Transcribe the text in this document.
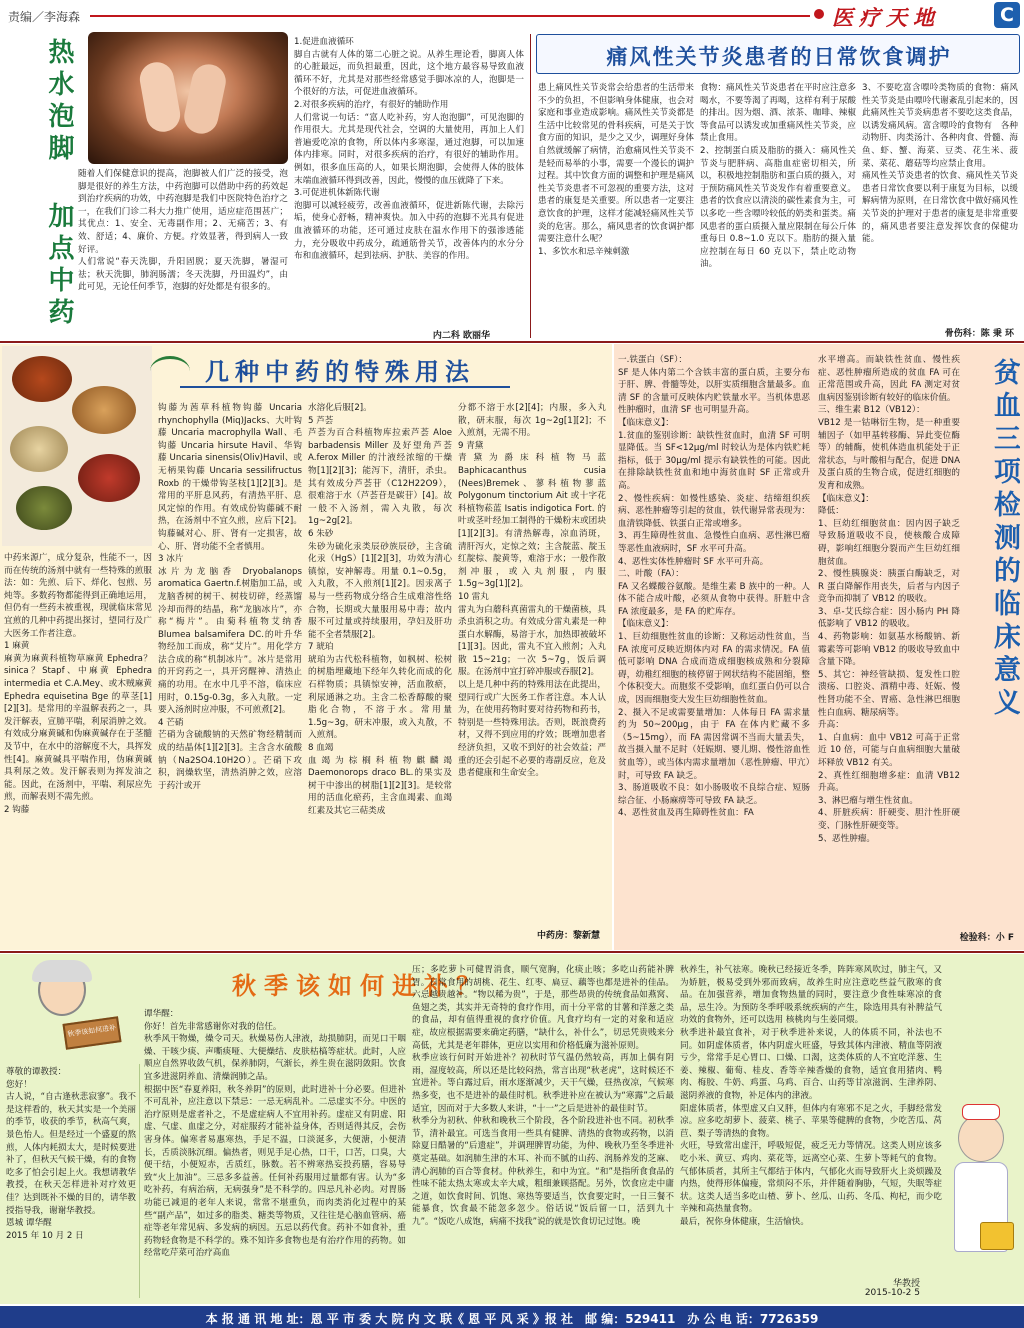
责编／李海森	医疗天地	C
热水泡脚 加点中药 随着人们保健意识的提高，泡脚被人们广泛的接受，泡脚是很好的养生方法，中药泡脚可以借助中药的药效起到治疗疾病的功效，中药泡脚是我们中医院特色治疗之一，在我们门诊二科大力推广使用，适应症范围甚广；其优点：1、安全、无毒副作用；2、无痛苦；3、有效、舒适；4、廉价、方便。疗效显著，得到病人一致好评。
人们常说“春天洗脚，升阳固脱；夏天洗脚，暑湿可祛；秋天洗脚，肺润肠濡；冬天洗脚，丹田温灼”，由此可见，无论任何季节，泡脚的好处都是有很多的。
1.促进血液循环
脚自古就有人体的第二心脏之说。从养生理论看，脚离人体的心脏最远，而负担最重，因此，这个地方最容易导致血液循环不好，尤其是对那些经常感觉手脚冰凉的人，泡脚是一个很好的方法，可促进血液循环。
2.对很多疾病的治疗，有很好的辅助作用
人们常说一句话：“富人吃补药，穷人泡泡脚”，可见泡脚的作用很大。尤其是现代社会，空调的大量使用，再加上人们普遍爱吃凉的食物，所以体内多寒湿，通过泡脚，可以加速体内排寒。同时，对很多疾病的治疗，有很好的辅助作用。例如，很多血压高的人，如果长期泡脚，会使得人体的肢体末端血液循环得到改善，因此，慢慢的血压就降了下来。
3.可促进机体新陈代谢
泡脚可以减轻疲劳，改善血液循环，促进新陈代谢，去除污垢，使身心舒畅，精神爽快。加入中药的泡脚不光具有促进血液循环的功能，还可通过皮肤在温水作用下的强渗透能力，充分吸收中药成分，疏通筋骨关节，改善体内的水分分布和血液循环，起到祛病、护肤、美容的作用。
内二科 欧丽华
痛风性关节炎患者的日常饮食调护
患上痛风性关节炎常会给患者的生活带来不少的负担，不但影响身体健康，也会对家庭和事业造成影响。痛风性关节炎都是生活中比较常见的骨科疾病，可是关于饮食方面的知识，是少之又少，调理好身体自然就缓解了病情，治愈痛风性关节炎不是轻而易举的小事，需要一个漫长的调护过程。其中饮食方面的调整和护理是痛风性关节炎患者不可忽视的重要方法，这对患者的康复是关重要。所以患者一定要注意饮食的护理，这样才能减轻痛风性关节炎的危害。那么，痛风患者的饮食调护都需要注意什么呢？
1、多饮水和忌辛辣刺激
食物：痛风性关节炎患者在平时应注意多喝水，不要等渴了再喝，这样有利于尿酸的排出。因为烟、酒、浓茶、咖啡、辣椒等食品可以诱发或加重痛风性关节炎，应禁止食用。
2、控制蛋白质及脂肪的摄入：痛风性关节炎与肥胖病、高脂血症密切相关，所以，积极地控制脂肪和蛋白质的摄入，对于预防痛风性关节炎发作有着重要意义。患者的饮食应以清淡的碳性素食为主，可以多吃一些含嘌呤较低的奶类和蛋类。痛风患者的蛋白质摄入量应限制在每公斤体重每日 0.8~1.0 克以下。脂肪的摄入量应控制在每日 60 克以下，禁止吃动物油。
3、不要吃富含嘌呤类物质的食物：痛风性关节炎是由嘌呤代谢紊乱引起来的，因此痛风性关节炎病患者不要吃这类食品，以诱发痛风病。富含嘌呤的食物有　各种动物肝、肉类汤汁、各种肉食、骨髓、海鱼、虾、蟹、海菜、豆类、花生米、菠菜、菜花、蘑菇等均应禁止食用。
痛风性关节炎患者的饮食、痛风性关节炎患者日常饮食要以利于康复为目标，以缓解病情为原则，在日常饮食中做好痛风性关节炎的护理对于患者的康复是非常重要的，痛风患者要注意发挥饮食的保健功能。
骨伤科：陈 秉 环
几种中药的特殊用法
中药来源广，成分复杂，性能不一，因而在传统的汤剂中就有一些特殊的煎服法：如：先煎、后下、烊化、包煎、另炖等。多数药物都能得到正确地运用，但仍有一些药未被重视，现就临床常见宜煎的几种中药提出探讨，望同行及广大医务工作者注意。
1 麻黄
麻黄为麻黄科植物草麻黄 Ephedra？sinica？Stapf、中麻黄 Ephedra intermedia et C.A.Mey、或木贼麻黄 Ephedra equisetina Bge 的草茎[1][2][3]。是常用的辛温解表药之一，具发汗解表，宣肺平喘，利尿消肿之效。有效成分麻黄碱和伪麻黄碱存在于茎髓及节中，在水中的溶解度不大，具挥发性[4]。麻黄碱具平喘作用，伪麻黄碱具利尿之效。发汗解表则为挥发油之能。因此，在汤剂中，平喘、利尿应先煎，而解表则不需先煎。
2 钩藤
钩藤为茜草科植物钩藤 Uncaria rhynchophylla (Miq)Jacks、大叶钩藤 Uncaria macrophylla Wall、毛钩藤 Uncaria hirsute Havil、华钩藤 Uncaria sinensis(Oliv)Havil、或无柄果钩藤 Uncaria sessilifructus Roxb 的干燥带钩茎枝[1][2][3]。是常用的平肝息风药，有清热平肝、息风定惊的作用。有效成份钩藤碱不耐热，在汤剂中不宜久煎，应后下[2]。钩藤碱对心、肝、肾有一定损害，故心、肝、肾功能不全者慎用。
3 冰片
冰片为龙脑香 Dryobalanops aromatica Gaertn.f.树脂加工品，或龙脑香树的树干、树枝切碎，经蒸馏冷却而得的结晶，称“龙脑冰片”，亦称“梅片”。由菊科植物艾纳香 Blumea balsamifera DC.的叶升华物经加工而成，称“艾片”。用化学方法合成的称“机制冰片”。冰片是常用的开窍药之一，具开窍醒神、清热止痛的功用。在水中几乎不溶，临床应用时，0.15g-0.3g，多入丸散。一定要入汤剂时应冲服，不可煎煮[2]。
4 芒硝
芒硝为含硫酸钠的天然矿物经精制而成的结晶体[1][2][3]。主含含水硫酸钠（Na2SO4.10H2O）。芒硝下攻积，润燥软坚，清热消肿之效，应溶于药汁或开
水溶化后服[2]。
5 芦荟
芦荟为百合科植物库拉索芦荟 Aloe barbadensis Miller 及好望角芦荟 A.ferox Miller 的汁液经浓缩的干燥物[1][2][3]；能泻下，清肝，杀虫。其有效成分芦荟苷（C12H22O9），很难溶于水（芦荟苷是碳苷）[4]。故一般不入汤剂，需入丸散，每次 1g~2g[2]。
6 朱砂
朱砂为硫化汞类辰砂族辰砂，主含硫化汞（HgS）[1][2][3]，功效为清心镇惊，安神解毒。用量 0.1~0.5g，入丸散，不入煎剂[1][2]。因汞离子易与一些药物成分络合生成难溶性络合物，长期或大量服用易中毒；故内服不可过量或持续服用，孕妇及肝功能不全者禁服[2]。
7 琥珀
琥珀为古代松科植物，如枫树、松树的树脂埋藏地下经年久转化而成的化石样物质；具镇惊安神，活血散瘀，利尿通淋之功。主含二松香醇酸的聚脂化合物，不溶于水。常用量 1.5g~3g，研末冲服，或入丸散，不入煎剂。
8 血竭
血竭为棕榈科植物麒麟竭 Daemonorops draco BL.的果实及树干中渗出的树脂[1][2][3]。是较常用的活血化瘀药，主含血竭素、血竭红素及其它三萜类成
分都不溶于水[2][4]；内服，多入丸散，研末服，每次 1g~2g[1][2]；不入煎剂，无需不用。
9 青黛
青黛为爵床科植物马蓝 Baphicacanthus cusia (Nees)Bremek、蓼科植物蓼蓝 Polygonum tinctorium Ait 或十字花科植物菘蓝 Isatis indigotica Fort. 的叶或茎叶经加工制得的干燥粉末或团块[1][2][3]。有清热解毒，凉血消斑，清肝泻火，定惊之效；主含靛蓝、靛玉红靛棕、靛黄等，难溶于水；一般作散剂冲服，或入丸剂服，内服 1.5g~3g[1][2]。
10 雷丸
雷丸为白蘑科真菌雷丸的干燥菌核，具杀虫消积之功。有效成分雷丸素是一种蛋白水解酶，易溶于水，加热即被破坏[1][3]。因此，雷丸不宜入煎剂；入丸散 15~21g；一次 5~7g，饭后调服。在汤剂中宜打碎冲服或吞服[2]。
以上是几种中药的特殊用法在此提出，望同行或广大医务工作者注意。本人认为，在使用药物时要对待药物和药书，特别是一些特殊用法。否则，既浪费药材，又得不到应用的疗效；既增加患者经济负担，又收不到好的社会效益；严重的还会引起不必要的毒副反应，危及患者健康和生命安全。
中药房：黎新慧
一.铁蛋白（SF）：
SF 是人体内第二个含铁丰富的蛋白质，主要分布于肝、脾、骨髓等处，以肝实质细胞含量最多。血清 SF 的含量可反映体内贮铁量水平。当机体患恶性肿瘤时，血清 SF 也可明显升高。
【临床意义】：
1.贫血的鉴别诊断：缺铁性贫血时，血清 SF 可明显降低。当 SF<12μg/ml 时较认为是体内铁贮耗指标，低于 30μg/ml 提示有缺铁性的可能。因此在排除缺铁性贫血和地中海贫血时 SF 正常或升高。
2、慢性疾病：如慢性感染、炎症、结缔组织疾病、恶性肿瘤等引起的贫血，铁代谢异常表现为：血清铁降低、铁蛋白正常或增多。
3、再生障碍性贫血、急慢性白血病、恶性淋巴瘤等恶性血液病时，SF 水平可升高。
4、恶性实体性肿瘤时 SF 水平可升高。
二、叶酸（FA）：
FA 又名蝶酸谷氨酸。是维生素 B 族中的一种。人体不能合成叶酸，必须从食物中获得。肝脏中含 FA 浓度最多，是 FA 的贮库存。
【临床意义】：
1、巨幼细胞性贫血的诊断：又称运动性贫血，当 FA 浓度可反映近期体内对 FA 的需求情况。FA 值低可影响 DNA 合成而造成细胞核成熟和分裂障碍，幼稚红细胞的核停留于网状结构不能固缩，整个体积变大。而胞浆不受影响，血红蛋白仍可以合成，因而细胞变大发生巨幼细胞性贫血。
2、摄入不足或需要量增加：人体每日 FA 需求量约为 50~200μg，由于 FA 在体内贮藏不多（5~15mg），而 FA 需因常调不当而大量丢失，故当摄入量不足时（妊娠期、婴儿期、慢性溶血性贫血等），或当体内需求量增加（恶性肿瘤、甲亢）时，可导致 FA 缺乏。
3、肠道吸收不良：如小肠吸收不良综合症、短肠综合征、小肠麻痹等可导致 FA 缺乏。
4、恶性贫血及再生障碍性贫血：FA
水平增高。而缺铁性贫血、慢性疾症、恶性肿瘤所造成的贫血 FA 可在正常范围或升高，因此 FA 测定对贫血病因鉴别诊断有较好的临床价值。
三、维生素 B12（VB12）：
VB12 是一钴啉衍生物，是一种重要辅因子（如甲基转移酶、异此变位酶等）的辅酶，使机体造血机能处于正常状态，与叶酸相与配合，促进 DNA 及蛋白质的生物合成，促进红细胞的发育和成熟。
【临床意义】：
降低：
1、巨幼红细胞贫血：因内因子缺乏导致肠道吸收不良，使核酸合成障碍，影响红细胞分裂而产生巨幼红细胞贫血。
2、慢性胰腺炎：胰蛋白酶缺乏，对 R 蛋白降解作用丧失，后者与内因子竞争而抑制了 VB12 的吸收。
3、卓-艾氏综合症：因小肠内 PH 降低影响了 VB12 的吸收。
4、药物影响：如氨基水杨酸钠、新霉素等可影响 VB12 的吸收导致血中含量下降。
5、其它：神经管缺损、复发性口腔溃疡、口腔炎、酒精中毒、妊娠、慢性肾功能不全、胃癌、急性淋巴细胞性白血病、糖尿病等。
升高：
1、白血病：血中 VB12 可高于正常近 10 倍，可能与白血病细胞大量破坏释放 VB12 有关。
2、真性红细胞增多症：血清 VB12 升高。
3、淋巴瘤与增生性贫血。
4、肝脏疾病：肝硬变、胆汁性肝硬变、门脉性肝硬变等。
5、恶性肿瘤。
贫血三项检测的临床意义
检验科：小 F
秋季该如何进补？
秋季该如何进补
尊敬的谭教授：
您好！
古人说，“自古逢秋悲寂寥”。我不是这样看的，秋天其实是一个美丽的季节，收获的季节，秋高气爽，景色怡人。但是经过一个盛夏的熬煎，人体内耗损太大，是时候要进补了，但秋天气候干燥，有的食物吃多了怕会引起上火。我想请教华教授，在秋天怎样进补对疗效更佳？达到既补不燥的目的，请华教授指导我，谢谢华教授。
恩城 谭华醒
2015 年 10 月 2 日
谭华醒：
你好！首先非常感谢你对我的信任。
秋季风干物燥，燥令司天。秋燥易伤人津液，劫损肺阴，而见口干咽燥、干咳少痰、声嘶痰哑、大便燥结、皮肤枯槁等症状。此时，人应顺应自然界收敛气机，保养肺阴，气渐长，养生贵在滋阴敛阳。饮食宜多进滋阴养血、清燥润肺之品。
根据中医“春夏养阳，秋冬养阴”的原则，此时进补十分必要。但进补不可乱补，应注意以下禁忌：一忌无病乱补。二忌虚实不分。中医的治疗原则是虚者补之，不是虚症病人不宜用补药。虚症又有阴虚、阳虚、气虚、血虚之分，对症服药才能补益身体，否则适得其反，会伤害身体。偏寒者易惠寒热，手足不温，口淡涎多，大便溏，小便清长，舌质淡脉沉细。偏热者，则见手足心热，口干，口苦，口臭，大便干结，小便短赤，舌质红，脉数。若不辨寒热妄投药膳，容易导致“火上加油”。三忌多多益善。任何补药服用过量都有害。认为“多吃补药，有病治病，无病强身”是不科学的。四忌凡补必肉。对胃肠功能已减退的老年人来说，常常不堪重负，而肉类消化过程中的某些“副产品”，如过多的脂类、糖类等物质，又往往是心脑血管病、癌症等老年常见病、多发病的病因。五忌以药代食。药补不如食补，重药物轻食物是不科学的。殊不知许多食物也是有治疗作用的药物。如经常吃芹菜可治疗高血
压；多吃萝卜可健胃消食，顺气宽胸，化痰止咳；多吃山药能补脾胃。日常食用的胡桃、花生、红枣、扁豆、藕等也都是进补的佳品。六忌越贵越补。“物以稀为贵”，于是，那些昂贵的传统食品如燕窝、鱼翅之类，其实并无奇特的食疗作用，而十分平常的甘薯和洋葱之类的食品，却有值得重视的食疗价值。凡食疗均有一定的对象和适应症，故应根据需要来确定药膳，“缺什么，补什么”，切忌凭贵贱来分高低，尤其是老年群体，更应以实用和价格低廉为滋补原则。
秋季应该行何时开始进补？初秋时节气温仍然较高，再加上偶有阴雨，湿度较高，所以还是比较闷热，常言出现“秋老虎”，这时候还不宜进补。等白露过后，雨水逐渐减少，天干气燥，昼热夜凉，气候寒热多变，也不是进补的最佳时机。秋季进补应在被认为“寒露”之后最适宜，因而对于大多数人来讲，“十一”之后是进补的最佳时节。
秋季分为初秋、仲秋和晚秋三个阶段，各个阶段进补也不同。初秋季节，清补最宜。可选当食用一些具有健脾、清热的食物或药物，以消除夏日酷暑的“后遗症”，并调理脾胃功能，为仲、晚秋乃至冬季进补奠定基础。如润肺生津的木耳、补而不腻的山药、润肠养发的芝麻、清心润肺的百合等食材。仲秋养生，和中为宜。“和”是指所食食品的性味不能太热太寒或太辛大咸，粗细兼顾搭配。另外，饮食应走中庸之道，如饮食时间、饥饱、寒热等要适当，饮食要定时，一日三餐不能暴食，饮食最不能忽多忽少。俗话说“饭后留一口，活到九十九”。“饭吃八成饱，病痛不找我”说的就是饮食切记过饱。晚
秋养生，补气祛寒。晚秋已经接近冬季，阵阵寒风吹过，肺主气，又为娇脏，极易受到外邪而致病，故养生时应注意吃些益气散寒的食品。在加强营养，增加食物热量的同时，要注意少食性味寒凉的食品，忌生冷。为预防冬季呼吸系统疾病的产生，除选用具有补脾益气功效的食物外，还可以选用 核桃肉与生姜同煨。
秋季进补最宜食补，对于秋季进补来说，人的体质不同，补法也不同。如阴虚体质者，体内阴虚火旺盛，导致其体内津液、精血等阴液亏少，常常手足心胃口、口燥、口渴，这类体质的人不宜吃洋葱、生姜、辣椒、葡萄、桂皮、香等辛辣香燥的食物，适宜食用猪肉、鸭肉、梅胶、牛奶、鸡蛋、乌鸡、百合、山药等甘凉滋润、生津养阴、滋阴养液的食物，补足体内的津液。
阳虚体质者，体型虚又白又胖，但体内有寒邪不足之火，手脚经常发凉。应多吃胡萝卜、菠菜、桃子、苹果等健脾的食物，少吃苦瓜、莴苣、梨子等清热的食物。
火旺，导致常出虚汗，呼吸短促，疲乏无力等情况。这类人则应该多吃小米、黄豆、鸡肉、菜花等，远离空心菜、生萝卜等耗气的食物。气郁体质者，其所主气都结于体内，气郁化火而导致肝火上炎烦躁及内热，使得形体偏瘦，常烦闷不乐，并伴随着胸胁，气短，失眠等症状。这类人适当多吃山楂、萝卜、丝瓜、山药、冬瓜、枸杞，而少吃辛辣和高热量食物。
最后，祝你身体健康，生活愉快。
华教授
2015-10-2 5
本 报 通 讯 地 址：恩 平 市 委 大 院 内 文 联《 恩 平 风 采 》报 社　邮 编：529411　办 公 电 话：7726359
